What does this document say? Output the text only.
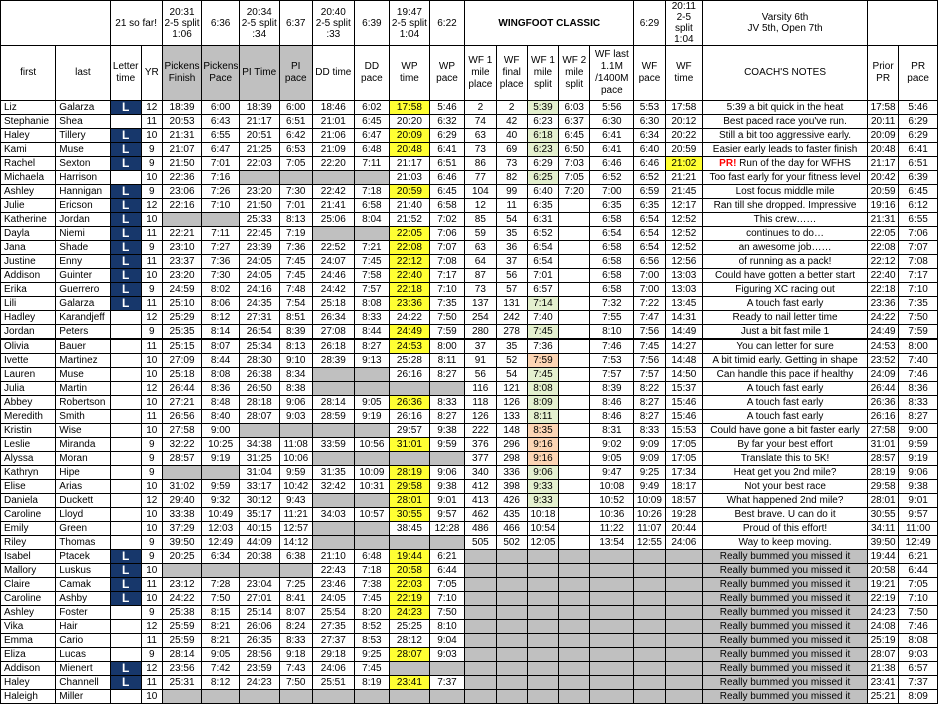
		21 so far!		20:31
2-5 split
1:06	6:36	20:34
2-5 split
:34	6:37	20:40
2-5 split
:33	6:39	19:47
2-5 split
1:04	6:22	WINGFOOT CLASSIC					6:29	20:11
2-5 split
1:04	Varsity 6th
JV 5th, Open 7th		
first	last	Letter time	YR	Pickens Finish	Pickens Pace	PI Time	PI pace	DD time	DD pace	WP time	WP pace	WF 1 mile place	WF final place	WF 1 mile split	WF 2 mile split	WF last 1.1M /1400M pace	WF pace	WF time	COACH'S NOTES	Prior PR	PR pace
Liz	Galarza	L	12	18:39	6:00	18:39	6:00	18:46	6:02	17:58	5:46	2	2	5:39	6:03	5:56	5:53	17:58	5:39 a bit quick in the heat	17:58	5:46
Stephanie	Shea		11	20:53	6:43	21:17	6:51	21:01	6:45	20:20	6:32	74	42	6:23	6:37	6:30	6:30	20:12	Best paced race you've run.	20:11	6:29
Haley	Tillery	L	10	21:31	6:55	20:51	6:42	21:06	6:47	20:09	6:29	63	40	6:18	6:45	6:41	6:34	20:22	Still a bit too aggressive early.	20:09	6:29
Kami	Muse	L	9	21:07	6:47	21:25	6:53	21:09	6:48	20:48	6:41	73	69	6:23	6:50	6:41	6:40	20:59	Easier early leads to faster finish	20:48	6:41
Rachel	Sexton	L	9	21:50	7:01	22:03	7:05	22:20	7:11	21:17	6:51	86	73	6:29	7:03	6:46	6:46	21:02	PR! Run of the day for WFHS	21:17	6:51
Michaela	Harrison		10	22:36	7:16					21:03	6:46	77	82	6:25	7:05	6:52	6:52	21:21	Too fast early for your fitness level	20:42	6:39
Ashley	Hannigan	L	9	23:06	7:26	23:20	7:30	22:42	7:18	20:59	6:45	104	99	6:40	7:20	7:00	6:59	21:45	Lost focus middle mile	20:59	6:45
Julie	Ericson	L	12	22:16	7:10	21:50	7:01	21:41	6:58	21:40	6:58	12	11	6:35		6:35	6:35	12:17	Ran till she dropped. Impressive	19:16	6:12
Katherine	Jordan	L	10			25:33	8:13	25:06	8:04	21:52	7:02	85	54	6:31		6:58	6:54	12:52	This crew……	21:31	6:55
Dayla	Niemi	L	11	22:21	7:11	22:45	7:19			22:05	7:06	59	35	6:52		6:54	6:54	12:52	continues to do…	22:05	7:06
Jana	Shade	L	9	23:10	7:27	23:39	7:36	22:52	7:21	22:08	7:07	63	36	6:54		6:58	6:54	12:52	an awesome job……	22:08	7:07
Justine	Enny	L	11	23:37	7:36	24:05	7:45	24:07	7:45	22:12	7:08	64	37	6:54		6:58	6:56	12:56	of running as a pack!	22:12	7:08
Addison	Guinter	L	10	23:20	7:30	24:05	7:45	24:46	7:58	22:40	7:17	87	56	7:01		6:58	7:00	13:03	Could have gotten a better start	22:40	7:17
Erika	Guerrero	L	9	24:59	8:02	24:16	7:48	24:42	7:57	22:18	7:10	73	57	6:57		6:58	7:00	13:03	Figuring XC racing out	22:18	7:10
Lili	Galarza	L	11	25:10	8:06	24:35	7:54	25:18	8:08	23:36	7:35	137	131	7:14		7:32	7:22	13:45	A touch fast early	23:36	7:35
Hadley	Karandjeff		12	25:29	8:12	27:31	8:51	26:34	8:33	24:22	7:50	254	242	7:40		7:55	7:47	14:31	Ready to nail letter time	24:22	7:50
Jordan	Peters		9	25:35	8:14	26:54	8:39	27:08	8:44	24:49	7:59	280	278	7:45		8:10	7:56	14:49	Just a bit fast mile 1	24:49	7:59
Olivia	Bauer		11	25:15	8:07	25:34	8:13	26:18	8:27	24:53	8:00	37	35	7:36		7:46	7:45	14:27	You can letter for sure	24:53	8:00
Ivette	Martinez		10	27:09	8:44	28:30	9:10	28:39	9:13	25:28	8:11	91	52	7:59		7:53	7:56	14:48	A bit timid early. Getting in shape	23:52	7:40
Lauren	Muse		10	25:18	8:08	26:38	8:34			26:16	8:27	56	54	7:45		7:57	7:57	14:50	Can handle this pace if healthy	24:09	7:46
Julia	Martin		12	26:44	8:36	26:50	8:38					116	121	8:08		8:39	8:22	15:37	A touch fast early	26:44	8:36
Abbey	Robertson		10	27:21	8:48	28:18	9:06	28:14	9:05	26:36	8:33	118	126	8:09		8:46	8:27	15:46	A touch fast early	26:36	8:33
Meredith	Smith		11	26:56	8:40	28:07	9:03	28:59	9:19	26:16	8:27	126	133	8:11		8:46	8:27	15:46	A touch fast early	26:16	8:27
Kristin	Wise		10	27:58	9:00					29:57	9:38	222	148	8:35		8:31	8:33	15:53	Could have gone a bit faster early	27:58	9:00
Leslie	Miranda		9	32:22	10:25	34:38	11:08	33:59	10:56	31:01	9:59	376	296	9:16		9:02	9:09	17:05	By far your best effort	31:01	9:59
Alyssa	Moran		9	28:57	9:19	31:25	10:06					377	298	9:16		9:05	9:09	17:05	Translate this to 5K!	28:57	9:19
Kathryn	Hipe		9			31:04	9:59	31:35	10:09	28:19	9:06	340	336	9:06		9:47	9:25	17:34	Heat get you 2nd mile?	28:19	9:06
Elise	Arias		10	31:02	9:59	33:17	10:42	32:42	10:31	29:58	9:38	412	398	9:33		10:08	9:49	18:17	Not your best race	29:58	9:38
Daniela	Duckett		12	29:40	9:32	30:12	9:43			28:01	9:01	413	426	9:33		10:52	10:09	18:57	What happened 2nd mile?	28:01	9:01
Caroline	Lloyd		10	33:38	10:49	35:17	11:21	34:03	10:57	30:55	9:57	462	435	10:18		10:36	10:26	19:28	Best brave. U can do it	30:55	9:57
Emily	Green		10	37:29	12:03	40:15	12:57			38:45	12:28	486	466	10:54		11:22	11:07	20:44	Proud of this effort!	34:11	11:00
Riley	Thomas		9	39:50	12:49	44:09	14:12					505	502	12:05		13:54	12:55	24:06	Way to keep moving.	39:50	12:49
Isabel	Ptacek	L	9	20:25	6:34	20:38	6:38	21:10	6:48	19:44	6:21								Really bummed you missed it	19:44	6:21
Mallory	Luskus	L	10					22:43	7:18	20:58	6:44								Really bummed you missed it	20:58	6:44
Claire	Camak	L	11	23:12	7:28	23:04	7:25	23:46	7:38	22:03	7:05								Really bummed you missed it	19:21	7:05
Caroline	Ashby	L	10	24:22	7:50	27:01	8:41	24:05	7:45	22:19	7:10								Really bummed you missed it	22:19	7:10
Ashley	Foster		9	25:38	8:15	25:14	8:07	25:54	8:20	24:23	7:50								Really bummed you missed it	24:23	7:50
Vika	Hair		12	25:59	8:21	26:06	8:24	27:35	8:52	25:25	8:10								Really bummed you missed it	24:08	7:46
Emma	Cario		11	25:59	8:21	26:35	8:33	27:37	8:53	28:12	9:04								Really bummed you missed it	25:19	8:08
Eliza	Lucas		9	28:14	9:05	28:56	9:18	29:18	9:25	28:07	9:03								Really bummed you missed it	28:07	9:03
Addison	Mienert	L	12	23:56	7:42	23:59	7:43	24:06	7:45										Really bummed you missed it	21:38	6:57
Haley	Channell	L	11	25:31	8:12	24:23	7:50	25:51	8:19	23:41	7:37								Really bummed you missed it	23:41	7:37
Haleigh	Miller		10																Really bummed you missed it	25:21	8:09
